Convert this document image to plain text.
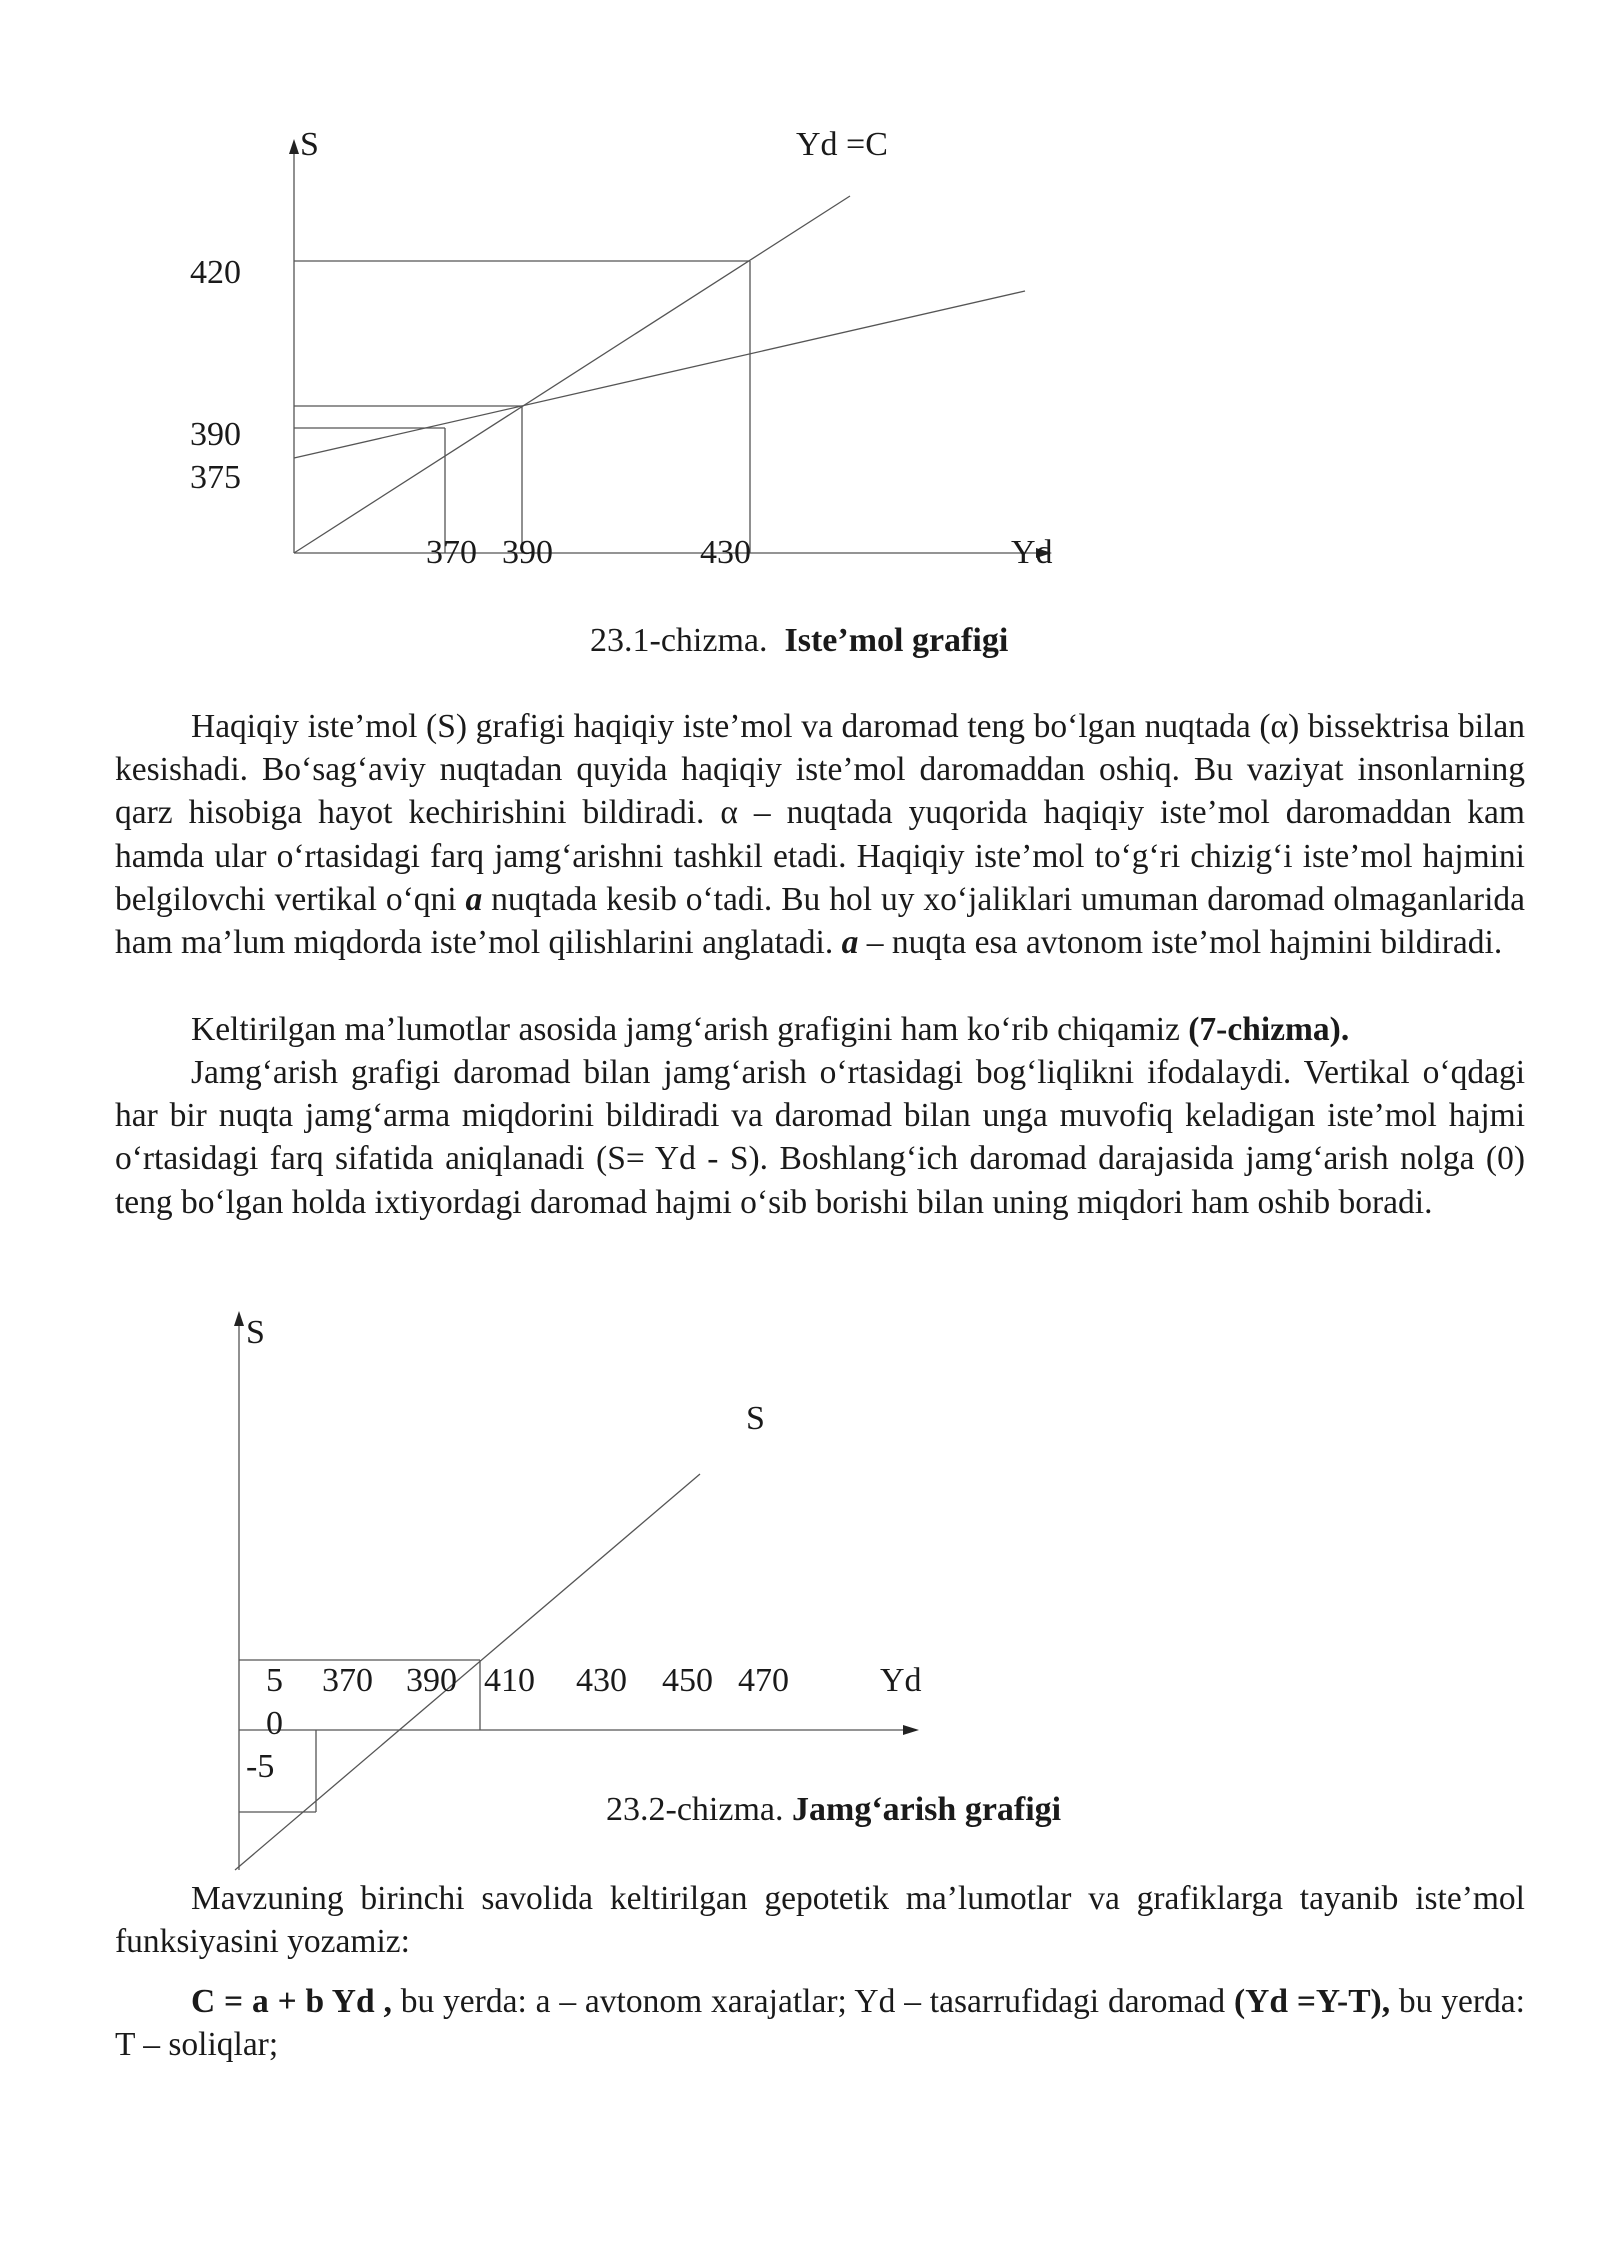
S	Yd =C
420
390
375
370 390	430	Yd
23.1-chizma. Iste’mol grafigi

Haqiqiy iste’mol (S) grafigi haqiqiy iste’mol va daromad teng bo‘lgan nuqtada (α) bissektrisa bilan kesishadi. Bo‘sag‘aviy nuqtadan quyida haqiqiy iste’mol daromaddan oshiq. Bu vaziyat insonlarning qarz hisobiga hayot kechirishini bildiradi. α – nuqtada yuqorida haqiqiy iste’mol daromaddan kam hamda ular o‘rtasidagi farq jamg‘arishni tashkil etadi. Haqiqiy iste’mol to‘g‘ri chizig‘i iste’mol hajmini belgilovchi vertikal o‘qni a nuqtada kesib o‘tadi. Bu hol uy xo‘jaliklari umuman daromad olmaganlarida ham ma’lum miqdorda iste’mol qilishlarini anglatadi. a – nuqta esa avtonom iste’mol hajmini bildiradi.

Keltirilgan ma’lumotlar asosida jamg‘arish grafigini ham ko‘rib chiqamiz (7-chizma).

Jamg‘arish grafigi daromad bilan jamg‘arish o‘rtasidagi bog‘liqlikni ifodalaydi. Vertikal o‘qdagi har bir nuqta jamg‘arma miqdorini bildiradi va daromad bilan unga muvofiq keladigan iste’mol hajmi o‘rtasidagi farq sifatida aniqlanadi (S= Yd - S). Boshlang‘ich daromad darajasida jamg‘arish nolga (0) teng bo‘lgan holda ixtiyordagi daromad hajmi o‘sib borishi bilan uning miqdori ham oshib boradi.

S
S
5 370 390 410 430 450 470	Yd
0
-5
23.2-chizma. Jamg‘arish grafigi

Mavzuning birinchi savolida keltirilgan gepotetik ma’lumotlar va grafiklarga tayanib iste’mol funksiyasini yozamiz:

C = a + b Yd , bu yerda: a – avtonom xarajatlar; Yd – tasarrufidagi daromad (Yd =Y-T), bu yerda: T – soliqlar;
